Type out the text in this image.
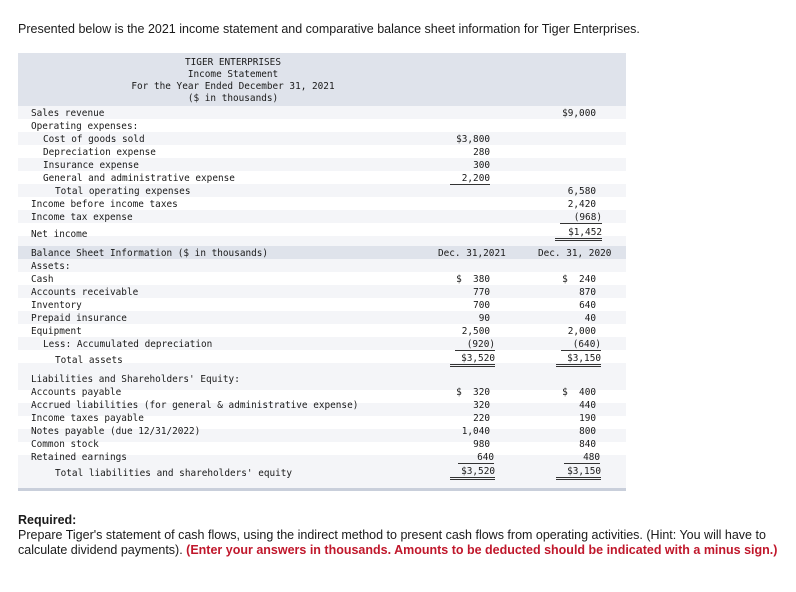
Presented below is the 2021 income statement and comparative balance sheet information for Tiger Enterprises.
TIGER ENTERPRISES
Income Statement
For the Year Ended December 31, 2021
($ in thousands)
Sales revenue	$9,000
Operating expenses:
Cost of goods sold	$3,800
Depreciation expense	280
Insurance expense	300
General and administrative expense	2,200
Total operating expenses	6,580
Income before income taxes	2,420
Income tax expense	(968)
Net income	$1,452
Balance Sheet Information ($ in thousands)	Dec. 31,2021	Dec. 31, 2020
Assets:
Cash	$  380	$  240
Accounts receivable	770	870
Inventory	700	640
Prepaid insurance	90	40
Equipment	2,500	2,000
Less: Accumulated depreciation	(920)	(640)
Total assets	$3,520	$3,150
Liabilities and Shareholders' Equity:
Accounts payable	$  320	$  400
Accrued liabilities (for general & administrative expense)	320	440
Income taxes payable	220	190
Notes payable (due 12/31/2022)	1,040	800
Common stock	980	840
Retained earnings	640	480
Total liabilities and shareholders' equity	$3,520	$3,150
Required:
Prepare Tiger's statement of cash flows, using the indirect method to present cash flows from operating activities. (Hint: You will have to calculate dividend payments). (Enter your answers in thousands. Amounts to be deducted should be indicated with a minus sign.)
